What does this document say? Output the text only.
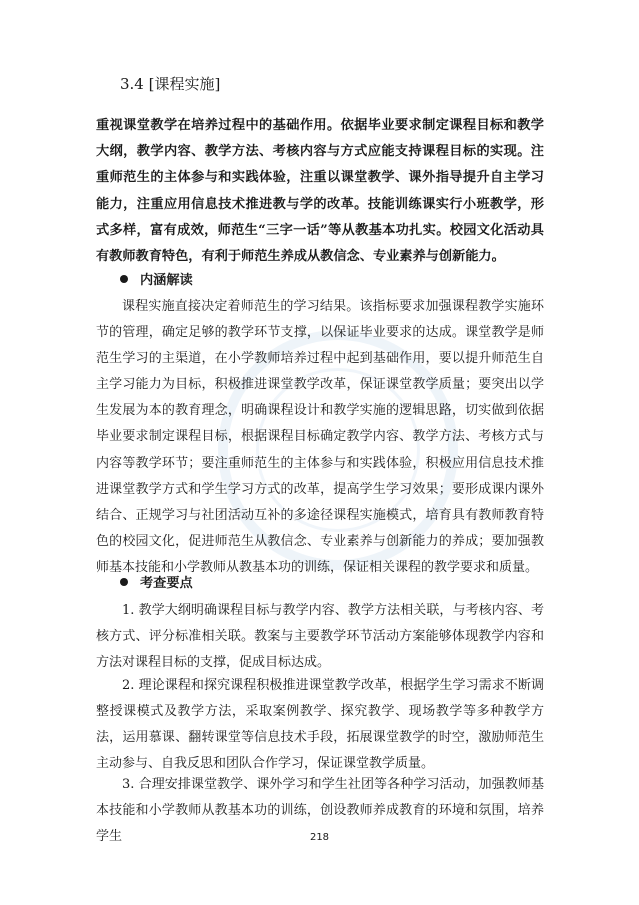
3.4 [课程实施]

重视课堂教学在培养过程中的基础作用。依据毕业要求制定课程目标和教学大纲，教学内容、教学方法、考核内容与方式应能支持课程目标的实现。注重师范生的主体参与和实践体验，注重以课堂教学、课外指导提升自主学习能力，注重应用信息技术推进教与学的改革。技能训练课实行小班教学，形式多样，富有成效，师范生“三字一话”等从教基本功扎实。校园文化活动具有教师教育特色，有利于师范生养成从教信念、专业素养与创新能力。

内涵解读

课程实施直接决定着师范生的学习结果。该指标要求加强课程教学实施环节的管理，确定足够的教学环节支撑，以保证毕业要求的达成。课堂教学是师范生学习的主渠道，在小学教师培养过程中起到基础作用，要以提升师范生自主学习能力为目标，积极推进课堂教学改革，保证课堂教学质量；要突出以学生发展为本的教育理念，明确课程设计和教学实施的逻辑思路，切实做到依据毕业要求制定课程目标，根据课程目标确定教学内容、教学方法、考核方式与内容等教学环节；要注重师范生的主体参与和实践体验，积极应用信息技术推进课堂教学方式和学生学习方式的改革，提高学生学习效果；要形成课内课外结合、正规学习与社团活动互补的多途径课程实施模式，培育具有教师教育特色的校园文化，促进师范生从教信念、专业素养与创新能力的养成；要加强教师基本技能和小学教师从教基本功的训练，保证相关课程的教学要求和质量。

考查要点

1. 教学大纲明确课程目标与教学内容、教学方法相关联，与考核内容、考核方式、评分标准相关联。教案与主要教学环节活动方案能够体现教学内容和方法对课程目标的支撑，促成目标达成。

2. 理论课程和探究课程积极推进课堂教学改革，根据学生学习需求不断调整授课模式及教学方法，采取案例教学、探究教学、现场教学等多种教学方法，运用慕课、翻转课堂等信息技术手段，拓展课堂教学的时空，激励师范生主动参与、自我反思和团队合作学习，保证课堂教学质量。

3. 合理安排课堂教学、课外学习和学生社团等各种学习活动，加强教师基本技能和小学教师从教基本功的训练，创设教师养成教育的环境和氛围，培养学生	218
